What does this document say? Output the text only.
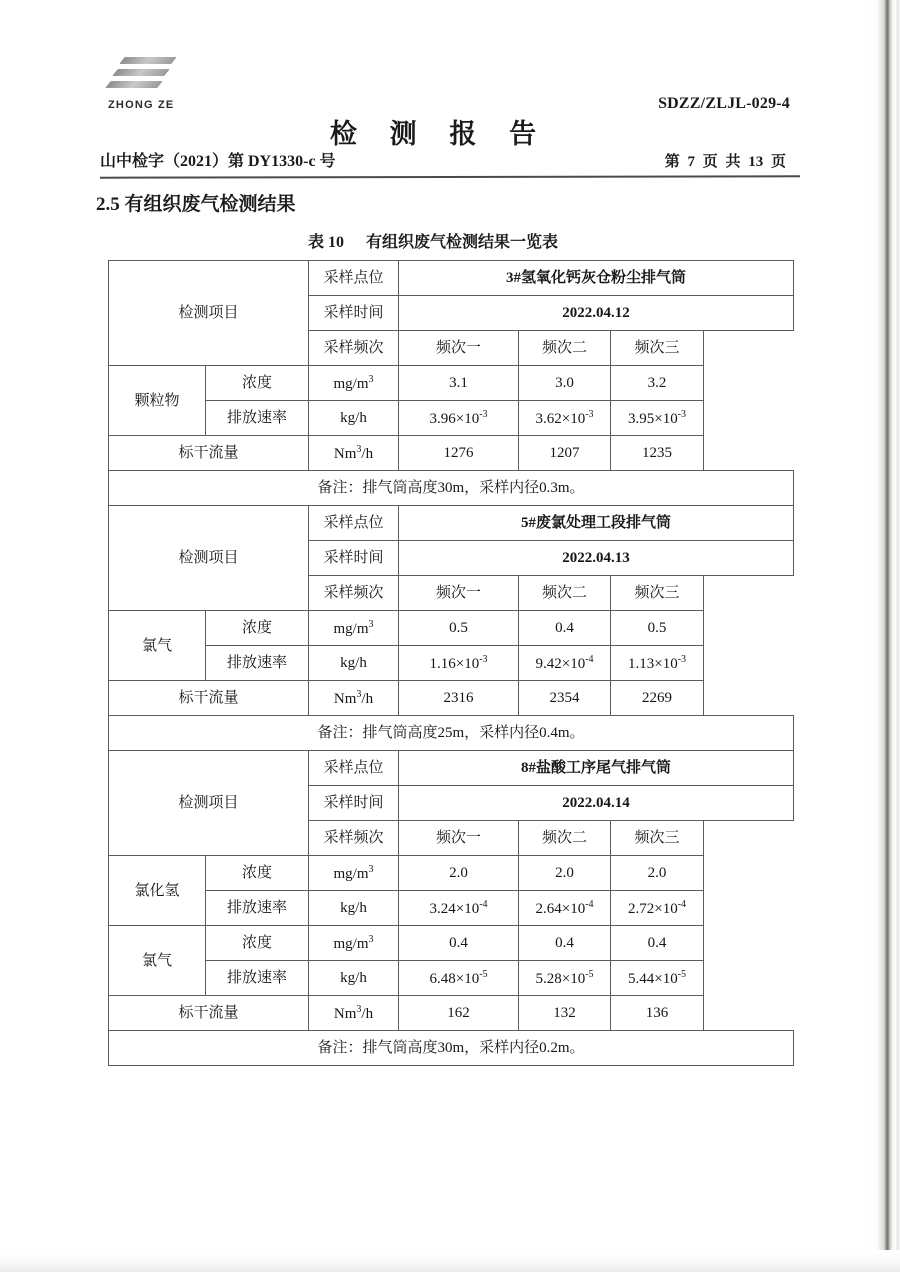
ZHONG ZE	SDZZ/ZLJL-029-4
检 测 报 告
山中检字（2021）第 DY1330-c 号	第 7 页 共 13 页
2.5 有组织废气检测结果
表 10 有组织废气检测结果一览表
检测项目		采样点位	3#氢氧化钙灰仓粉尘排气筒		
		采样时间	2022.04.12		
		采样频次	频次一	频次二	频次三
颗粒物	浓度	$mg/m^3$	3.1	3.0	3.2
	排放速率	kg/h	$3.96\times 10^{-3}$	$3.62\times 10^{-3}$	$3.95\times 10^{-3}$
标干流量		Nm$^3$/h	1276	1207	1235
备注：排气筒高度30m，采样内径0.3m。					
检测项目		采样点位	5#废氯处理工段排气筒		
		采样时间	2022.04.13		
		采样频次	频次一	频次二	频次三
氯气	浓度	$mg/m^3$	0.5	0.4	0.5
	排放速率	kg/h	$1.16\times 10^{-3}$	$9.42\times 10^{-4}$	$1.13\times 10^{-3}$
标干流量		Nm$^3$/h	2316	2354	2269
备注：排气筒高度25m，采样内径0.4m。					
检测项目		采样点位	8#盐酸工序尾气排气筒		
		采样时间	2022.04.14		
		采样频次	频次一	频次二	频次三
氯化氢	浓度	$mg/m^3$	2.0	2.0	2.0
	排放速率	kg/h	$3.24\times 10^{-4}$	$2.64\times 10^{-4}$	$2.72\times 10^{-4}$
氯气	浓度	$mg/m^3$	0.4	0.4	0.4
	排放速率	kg/h	$6.48\times 10^{-5}$	$5.28\times 10^{-5}$	$5.44\times 10^{-5}$
标干流量		Nm$^3$/h	162	132	136
备注：排气筒高度30m，采样内径0.2m。					
